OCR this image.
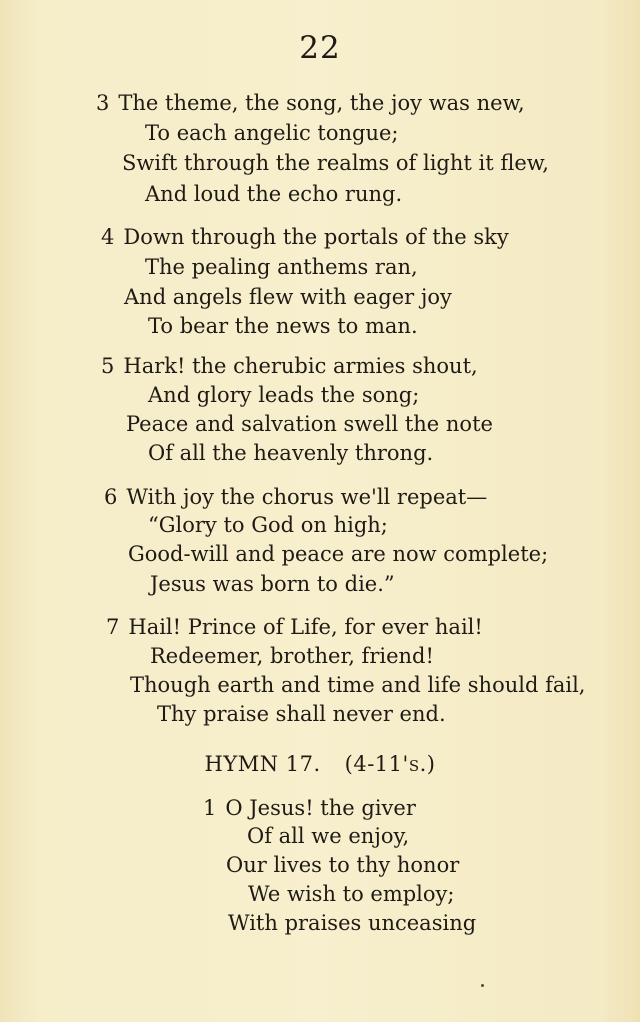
22
3 The theme, the song, the joy was new,
To each angelic tongue;
Swift through the realms of light it flew,
And loud the echo rung.
4 Down through the portals of the sky
The pealing anthems ran,
And angels flew with eager joy
To bear the news to man.
5 Hark! the cherubic armies shout,
And glory leads the song;
Peace and salvation swell the note
Of all the heavenly throng.
6 With joy the chorus we'll repeat—
“Glory to God on high;
Good-will and peace are now complete;
Jesus was born to die.”
7 Hail! Prince of Life, for ever hail!
Redeemer, brother, friend!
Though earth and time and life should fail,
Thy praise shall never end.
HYMN 17. (4-11'S.)
1 O Jesus! the giver
Of all we enjoy,
Our lives to thy honor
We wish to employ;
With praises unceasing
